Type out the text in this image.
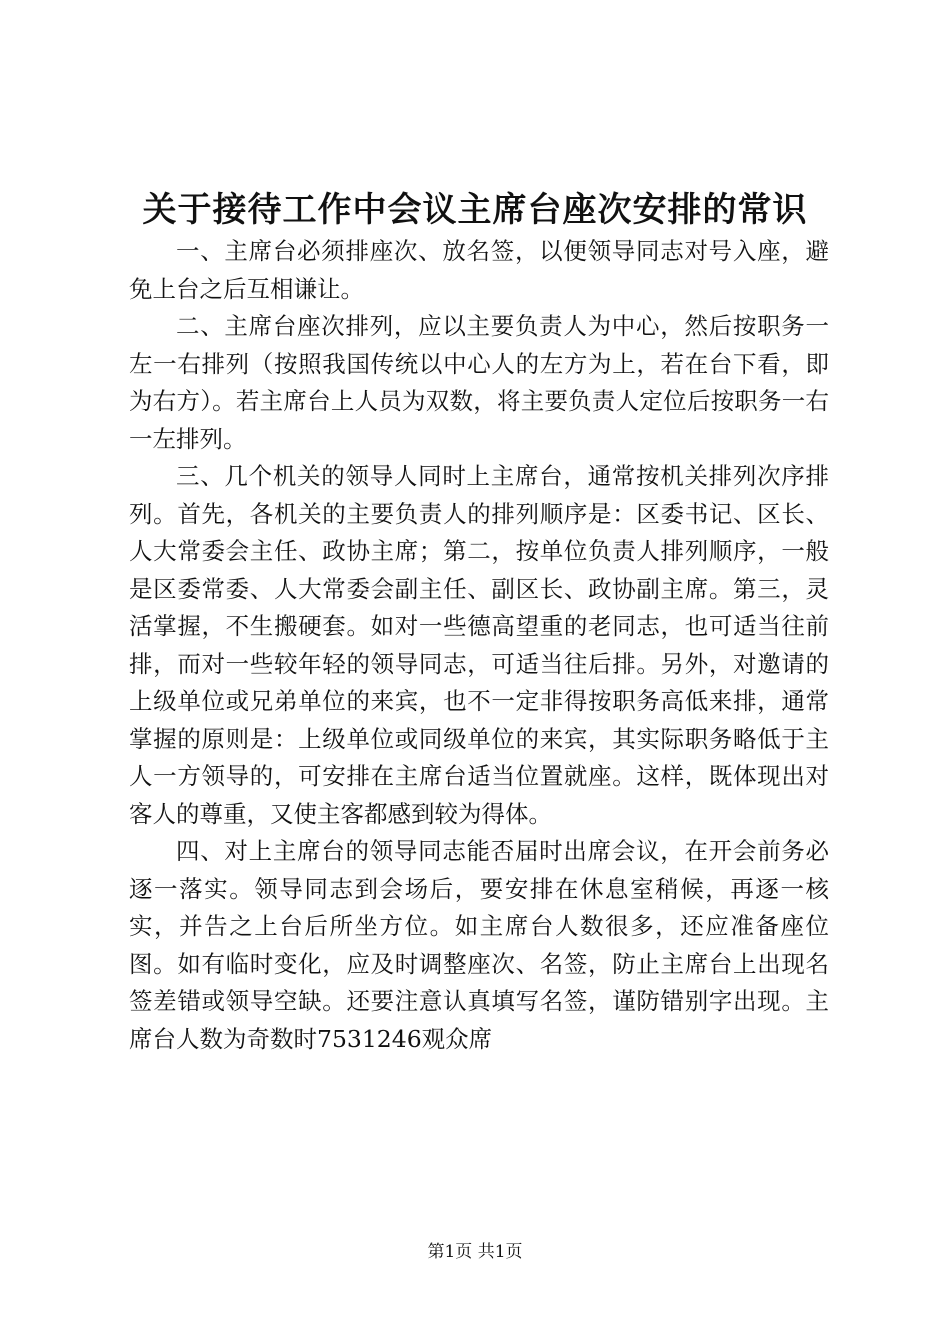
关于接待工作中会议主席台座次安排的常识

一、主席台必须排座次、放名签，以便领导同志对号入座，避免上台之后互相谦让。

二、主席台座次排列，应以主要负责人为中心，然后按职务一左一右排列（按照我国传统以中心人的左方为上，若在台下看，即为右方）。若主席台上人员为双数，将主要负责人定位后按职务一右一左排列。

三、几个机关的领导人同时上主席台，通常按机关排列次序排列。首先，各机关的主要负责人的排列顺序是：区委书记、区长、人大常委会主任、政协主席；第二，按单位负责人排列顺序，一般是区委常委、人大常委会副主任、副区长、政协副主席。第三，灵活掌握，不生搬硬套。如对一些德高望重的老同志，也可适当往前排，而对一些较年轻的领导同志，可适当往后排。另外，对邀请的上级单位或兄弟单位的来宾，也不一定非得按职务高低来排，通常掌握的原则是：上级单位或同级单位的来宾，其实际职务略低于主人一方领导的，可安排在主席台适当位置就座。这样，既体现出对客人的尊重，又使主客都感到较为得体。

四、对上主席台的领导同志能否届时出席会议，在开会前务必逐一落实。领导同志到会场后，要安排在休息室稍候，再逐一核实，并告之上台后所坐方位。如主席台人数很多，还应准备座位图。如有临时变化，应及时调整座次、名签，防止主席台上出现名签差错或领导空缺。还要注意认真填写名签，谨防错别字出现。主席台人数为奇数时7531246观众席

第1页 共1页
